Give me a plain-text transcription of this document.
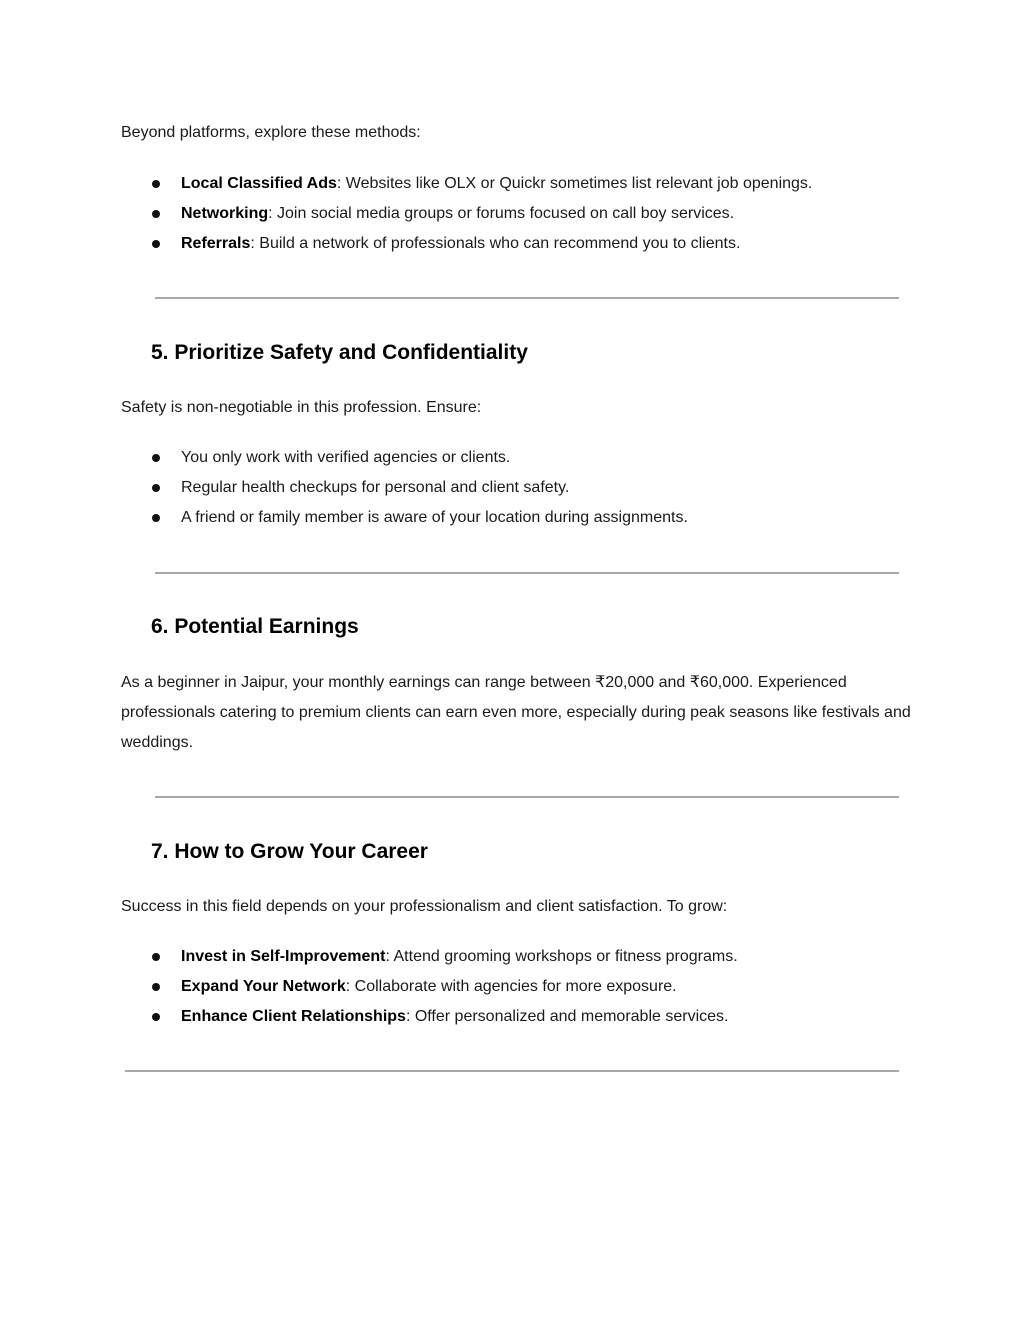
Beyond platforms, explore these methods:

Local Classified Ads: Websites like OLX or Quickr sometimes list relevant job openings.
Networking: Join social media groups or forums focused on call boy services.
Referrals: Build a network of professionals who can recommend you to clients.
5. Prioritize Safety and Confidentiality

Safety is non-negotiable in this profession. Ensure:

You only work with verified agencies or clients.
Regular health checkups for personal and client safety.
A friend or family member is aware of your location during assignments.
6. Potential Earnings

As a beginner in Jaipur, your monthly earnings can range between ₹20,000 and ₹60,000. Experienced professionals catering to premium clients can earn even more, especially during peak seasons like festivals and weddings.

7. How to Grow Your Career

Success in this field depends on your professionalism and client satisfaction. To grow:

Invest in Self-Improvement: Attend grooming workshops or fitness programs.
Expand Your Network: Collaborate with agencies for more exposure.
Enhance Client Relationships: Offer personalized and memorable services.
